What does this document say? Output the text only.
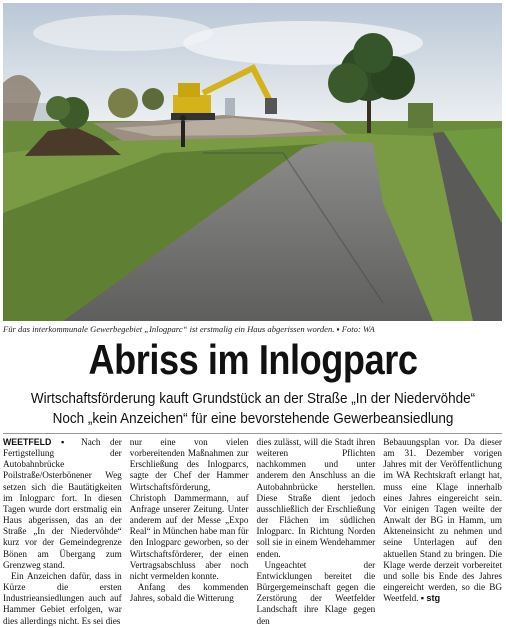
Für das interkommunale Gewerbegebiet „Inlogparc“ ist erstmalig ein Haus abgerissen worden. ▪ Foto: WA
Abriss im Inlogparc
Wirtschaftsförderung kauft Grundstück an der Straße „In der Niedervöhde“
Noch „kein Anzeichen“ für eine bevorstehende Gewerbeansiedlung

WEETFELD ▪ Nach der Fertigstellung der Autobahnbrücke Poilstraße/Osterbönener Weg setzen sich die Bautätigkeiten im Inlogparc fort. In diesen Tagen wurde dort erstmalig ein Haus abgerissen, das an der Straße „In der Niedervöhde“ kurz vor der Gemeindegrenze Bönen am Übergang zum Grenzweg stand.

Ein Anzeichen dafür, dass in Kürze die ersten Industrieansiedlungen auch auf Hammer Gebiet erfolgen, war dies allerdings nicht. Es sei dies

nur eine von vielen vorbereitenden Maßnahmen zur Erschließung des Inlogparcs, sagte der Chef der Hammer Wirtschaftsförderung, Christoph Dammermann, auf Anfrage unserer Zeitung. Unter anderem auf der Messe „Expo Real“ in München habe man für den Inlogparc geworben, so der Wirtschaftsförderer, der einen Vertragsabschluss aber noch nicht vermelden konnte.

Anfang des kommenden Jahres, sobald die Witterung

dies zulässt, will die Stadt ihren weiteren Pflichten nachkommen und unter anderem den Anschluss an die Autobahnbrücke herstellen. Diese Straße dient jedoch ausschließlich der Erschließung der Flächen im südlichen Inlogparc. In Richtung Norden soll sie in einem Wendehammer enden.

Ungeachtet der Entwicklungen bereitet die Bürgergemeinschaft gegen die Zerstörung der Weetfelder Landschaft ihre Klage gegen den

Bebauungsplan vor. Da dieser am 31. Dezember vorigen Jahres mit der Veröffentlichung im WA Rechtskraft erlangt hat, muss eine Klage innerhalb eines Jahres eingereicht sein. Vor einigen Tagen weilte der Anwalt der BG in Hamm, um Akteneinsicht zu nehmen und seine Unterlagen auf den aktuellen Stand zu bringen. Die Klage werde derzeit vorbereitet und solle bis Ende des Jahres eingereicht werden, so die BG Weetfeld. ▪ stg
